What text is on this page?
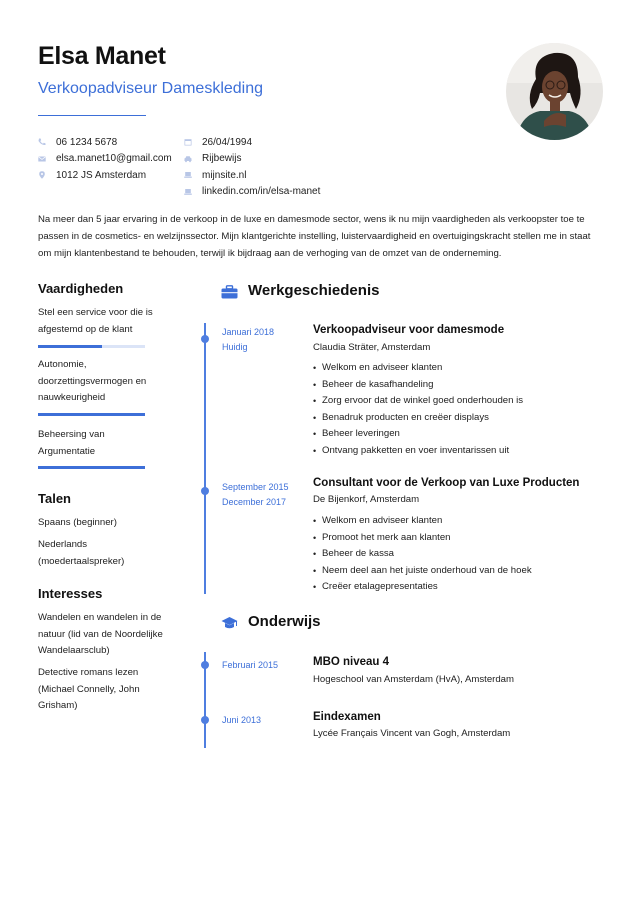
Elsa Manet
Verkoopadviseur Dameskleding
06 1234 5678
elsa.manet10@gmail.com
1012 JS Amsterdam
26/04/1994
Rijbewijs
mijnsite.nl
linkedin.com/in/elsa-manet

Na meer dan 5 jaar ervaring in de verkoop in de luxe en damesmode sector, wens ik nu mijn vaardigheden als verkoopster toe te passen in de cosmetics- en welzijnssector. Mijn klantgerichte instelling, luistervaardigheid en overtuigingskracht stellen me in staat om mijn klantenbestand te behouden, terwijl ik bijdraag aan de verhoging van de omzet van de onderneming.

Vaardigheden
Stel een service voor die is afgestemd op de klant
Autonomie, doorzettingsvermogen en nauwkeurigheid
Beheersing van Argumentatie
Talen
Spaans (beginner)
Nederlands (moedertaalspreker)
Interesses
Wandelen en wandelen in de natuur (lid van de Noordelijke Wandelaarsclub)
Detective romans lezen (Michael Connelly, John Grisham)
Werkgeschiedenis
Januari 2018
Huidig
Verkoopadviseur voor damesmode
Claudia Sträter, Amsterdam
• Welkom en adviseer klanten
• Beheer de kasafhandeling
• Zorg ervoor dat de winkel goed onderhouden is
• Benadruk producten en creëer displays
• Beheer leveringen
• Ontvang pakketten en voer inventarissen uit
September 2015
December 2017
Consultant voor de Verkoop van Luxe Producten
De Bijenkorf, Amsterdam
• Welkom en adviseer klanten
• Promoot het merk aan klanten
• Beheer de kassa
• Neem deel aan het juiste onderhoud van de hoek
• Creëer etalagepresentaties
Onderwijs
Februari 2015	MBO niveau 4
Hogeschool van Amsterdam (HvA), Amsterdam
Juni 2013	Eindexamen
Lycée Français Vincent van Gogh, Amsterdam
